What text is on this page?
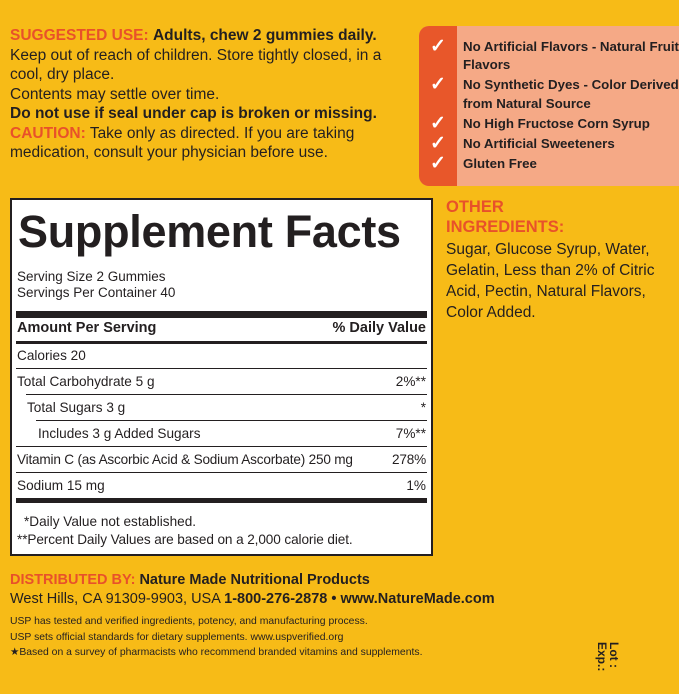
SUGGESTED USE: Adults, chew 2 gummies daily.

Keep out of reach of children. Store tightly closed, in a cool, dry place.

Contents may settle over time.

Do not use if seal under cap is broken or missing.

CAUTION: Take only as directed. If you are taking medication, consult your physician before use.

✓ No Artificial Flavors - Natural Fruit Flavors
✓ No Synthetic Dyes - Color Derived from Natural Source
✓ No High Fructose Corn Syrup
✓ No Artificial Sweeteners
✓ Gluten Free
OTHER
INGREDIENTS:
Sugar, Glucose Syrup, Water, Gelatin, Less than 2% of Citric Acid, Pectin, Natural Flavors, Color Added.
Supplement Facts
Serving Size 2 Gummies
Servings Per Container 40
Amount Per Serving	% Daily Value
Calories 20
Total Carbohydrate 5 g	2%**
Total Sugars 3 g	*
Includes 3 g Added Sugars	7%**
Vitamin C (as Ascorbic Acid & Sodium Ascorbate) 250 mg	278%
Sodium 15 mg	1%
*Daily Value not established.
**Percent Daily Values are based on a 2,000 calorie diet.
DISTRIBUTED BY: Nature Made Nutritional Products
West Hills, CA 91309-9903, USA 1-800-276-2878 • www.NatureMade.com

USP has tested and verified ingredients, potency, and manufacturing process.

USP sets official standards for dietary supplements. www.uspverified.org

★Based on a survey of pharmacists who recommend branded vitamins and supplements.	Lot :
Exp.:
